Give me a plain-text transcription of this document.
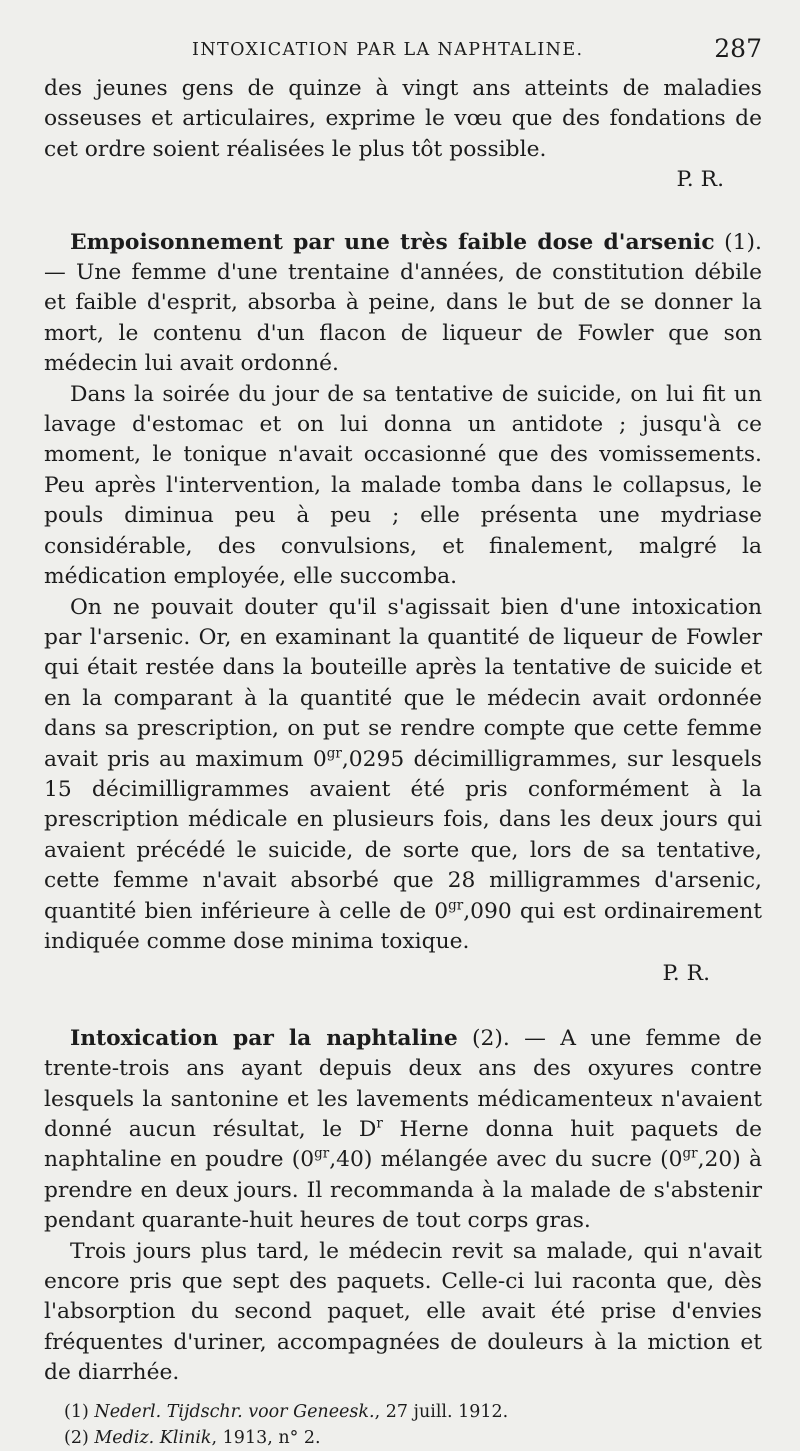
INTOXICATION PAR LA NAPHTALINE.	287

des jeunes gens de quinze à vingt ans atteints de maladies osseuses et articulaires, exprime le vœu que des fondations de cet ordre soient réalisées le plus tôt possible.

P. R.

Empoisonnement par une très faible dose d'arsenic (1). — Une femme d'une trentaine d'années, de constitution débile et faible d'esprit, absorba à peine, dans le but de se donner la mort, le contenu d'un flacon de liqueur de Fowler que son médecin lui avait ordonné.

Dans la soirée du jour de sa tentative de suicide, on lui fit un lavage d'estomac et on lui donna un antidote ; jusqu'à ce moment, le tonique n'avait occasionné que des vomissements. Peu après l'intervention, la malade tomba dans le collapsus, le pouls diminua peu à peu ; elle présenta une mydriase considérable, des convulsions, et finalement, malgré la médication employée, elle succomba.

On ne pouvait douter qu'il s'agissait bien d'une intoxication par l'arsenic. Or, en examinant la quantité de liqueur de Fowler qui était restée dans la bouteille après la tentative de suicide et en la comparant à la quantité que le médecin avait ordonnée dans sa prescription, on put se rendre compte que cette femme avait pris au maximum $0^{gr},0295$ décimilligrammes, sur lesquels 15 décimilligrammes avaient été pris conformément à la prescription médicale en plusieurs fois, dans les deux jours qui avaient précédé le suicide, de sorte que, lors de sa tentative, cette femme n'avait absorbé que 28 milligrammes d'arsenic, quantité bien inférieure à celle de $0^{gr},090$ qui est ordinairement indiquée comme dose minima toxique.

P. R.

Intoxication par la naphtaline (2). — A une femme de trente-trois ans ayant depuis deux ans des oxyures contre lesquels la santonine et les lavements médicamenteux n'avaient donné aucun résultat, le $D^r$ Herne donna huit paquets de naphtaline en poudre $(0^{gr},40)$ mélangée avec du sucre $(0^{gr},20)$ à prendre en deux jours. Il recommanda à la malade de s'abstenir pendant quarante-huit heures de tout corps gras.

Trois jours plus tard, le médecin revit sa malade, qui n'avait encore pris que sept des paquets. Celle-ci lui raconta que, dès l'absorption du second paquet, elle avait été prise d'envies fréquentes d'uriner, accompagnées de douleurs à la miction et de diarrhée.

(1) Nederl. Tijdschr. voor Geneesk., 27 juill. 1912.

(2) Mediz. Klinik, 1913, n° 2.
